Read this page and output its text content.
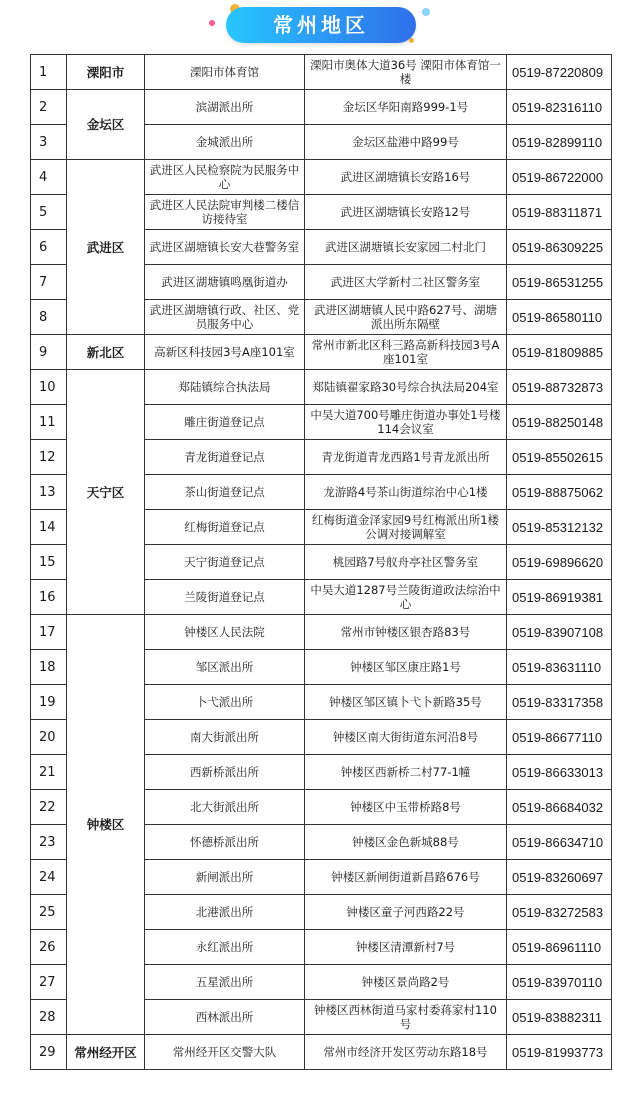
常州地区
1	溧阳市	溧阳市体育馆	溧阳市奥体大道36号 溧阳市体育馆一楼	0519-87220809
2	金坛区	滨湖派出所	金坛区华阳南路999-1号	0519-82316110
3		金城派出所	金坛区盐港中路99号	0519-82899110
4	武进区	武进区人民检察院为民服务中心	武进区湖塘镇长安路16号	0519-86722000
5		武进区人民法院审判楼二楼信访接待室	武进区湖塘镇长安路12号	0519-88311871
6		武进区湖塘镇长安大巷警务室	武进区湖塘镇长安家园二村北门	0519-86309225
7		武进区湖塘镇鸣凰街道办	武进区大学新村二社区警务室	0519-86531255
8		武进区湖塘镇行政、社区、党员服务中心	武进区湖塘镇人民中路627号、湖塘派出所东隔壁	0519-86580110
9	新北区	高新区科技园3号A座101室	常州市新北区科三路高新科技园3号A座101室	0519-81809885
10	天宁区	郑陆镇综合执法局	郑陆镇翟家路30号综合执法局204室	0519-88732873
11		雕庄街道登记点	中吴大道700号雕庄街道办事处1号楼114会议室	0519-88250148
12		青龙街道登记点	青龙街道青龙西路1号青龙派出所	0519-85502615
13		茶山街道登记点	龙游路4号茶山街道综治中心1楼	0519-88875062
14		红梅街道登记点	红梅街道金泽家园9号红梅派出所1楼公调对接调解室	0519-85312132
15		天宁街道登记点	桃园路7号舣舟亭社区警务室	0519-69896620
16		兰陵街道登记点	中吴大道1287号兰陵街道政法综治中心	0519-86919381
17	钟楼区	钟楼区人民法院	常州市钟楼区银杏路83号	0519-83907108
18		邹区派出所	钟楼区邹区康庄路1号	0519-83631110
19		卜弋派出所	钟楼区邹区镇卜弋卜新路35号	0519-83317358
20		南大街派出所	钟楼区南大街街道东河沿8号	0519-86677110
21		西新桥派出所	钟楼区西新桥二村77-1幢	0519-86633013
22		北大街派出所	钟楼区中玉带桥路8号	0519-86684032
23		怀德桥派出所	钟楼区金色新城88号	0519-86634710
24		新闸派出所	钟楼区新闸街道新昌路676号	0519-83260697
25		北港派出所	钟楼区童子河西路22号	0519-83272583
26		永红派出所	钟楼区清潭新村7号	0519-86961110
27		五星派出所	钟楼区景尚路2号	0519-83970110
28		西林派出所	钟楼区西林街道马家村委蒋家村110号	0519-83882311
29	常州经开区	常州经开区交警大队	常州市经济开发区劳动东路18号	0519-81993773
